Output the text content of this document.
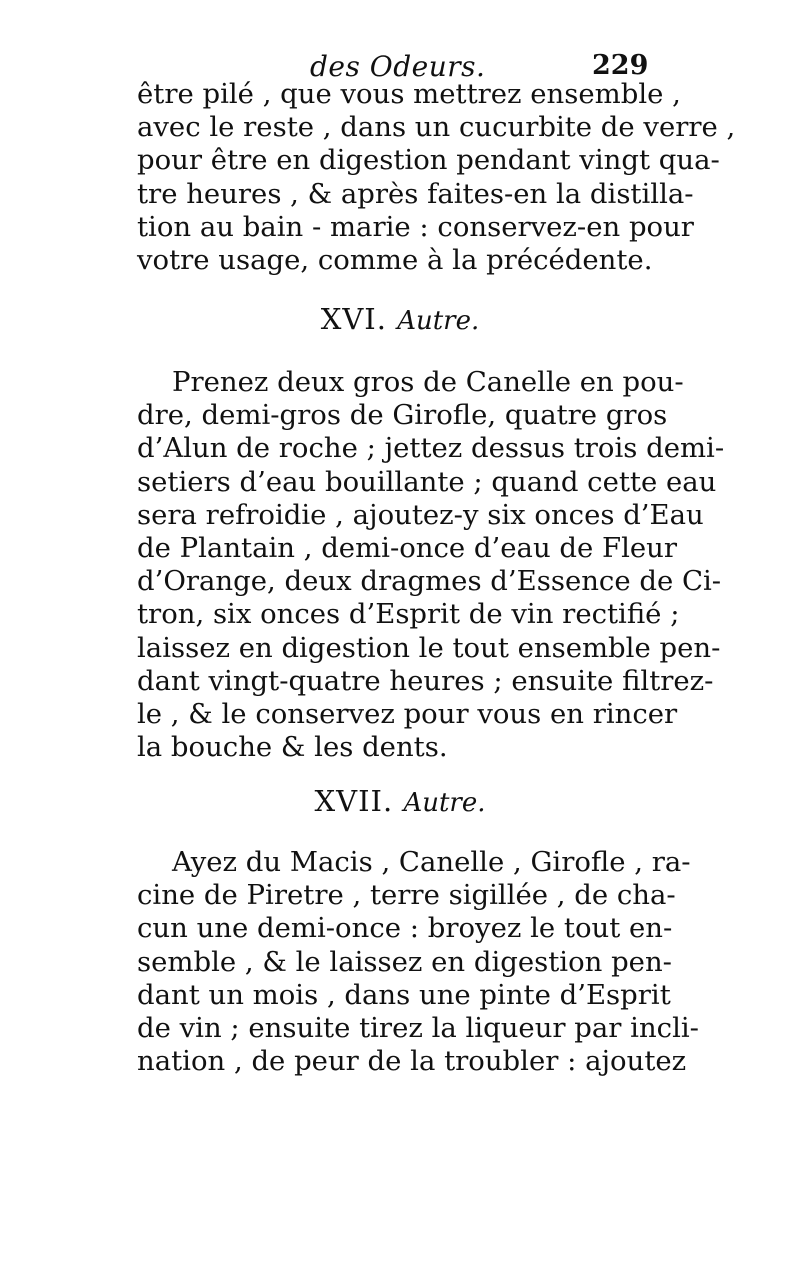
des Odeurs.	229
être pilé , que vous mettrez ensemble ,
avec le reste , dans un cucurbite de verre ,
pour être en digestion pendant vingt qua-
tre heures , & après faites-en la distilla-
tion au bain - marie : conservez-en pour
votre usage, comme à la précédente.
XVI. Autre.
Prenez deux gros de Canelle en pou-
dre, demi-gros de Girofle, quatre gros
d’Alun de roche ; jettez dessus trois demi-
setiers d’eau bouillante ; quand cette eau
sera refroidie , ajoutez-y six onces d’Eau
de Plantain , demi-once d’eau de Fleur
d’Orange, deux dragmes d’Essence de Ci-
tron, six onces d’Esprit de vin rectifié ;
laissez en digestion le tout ensemble pen-
dant vingt-quatre heures ; ensuite filtrez-
le , & le conservez pour vous en rincer
la bouche & les dents.
XVII. Autre.
Ayez du Macis , Canelle , Girofle , ra-
cine de Piretre , terre sigillée , de cha-
cun une demi-once : broyez le tout en-
semble , & le laissez en digestion pen-
dant un mois , dans une pinte d’Esprit
de vin ; ensuite tirez la liqueur par incli-
nation , de peur de la troubler : ajoutez
